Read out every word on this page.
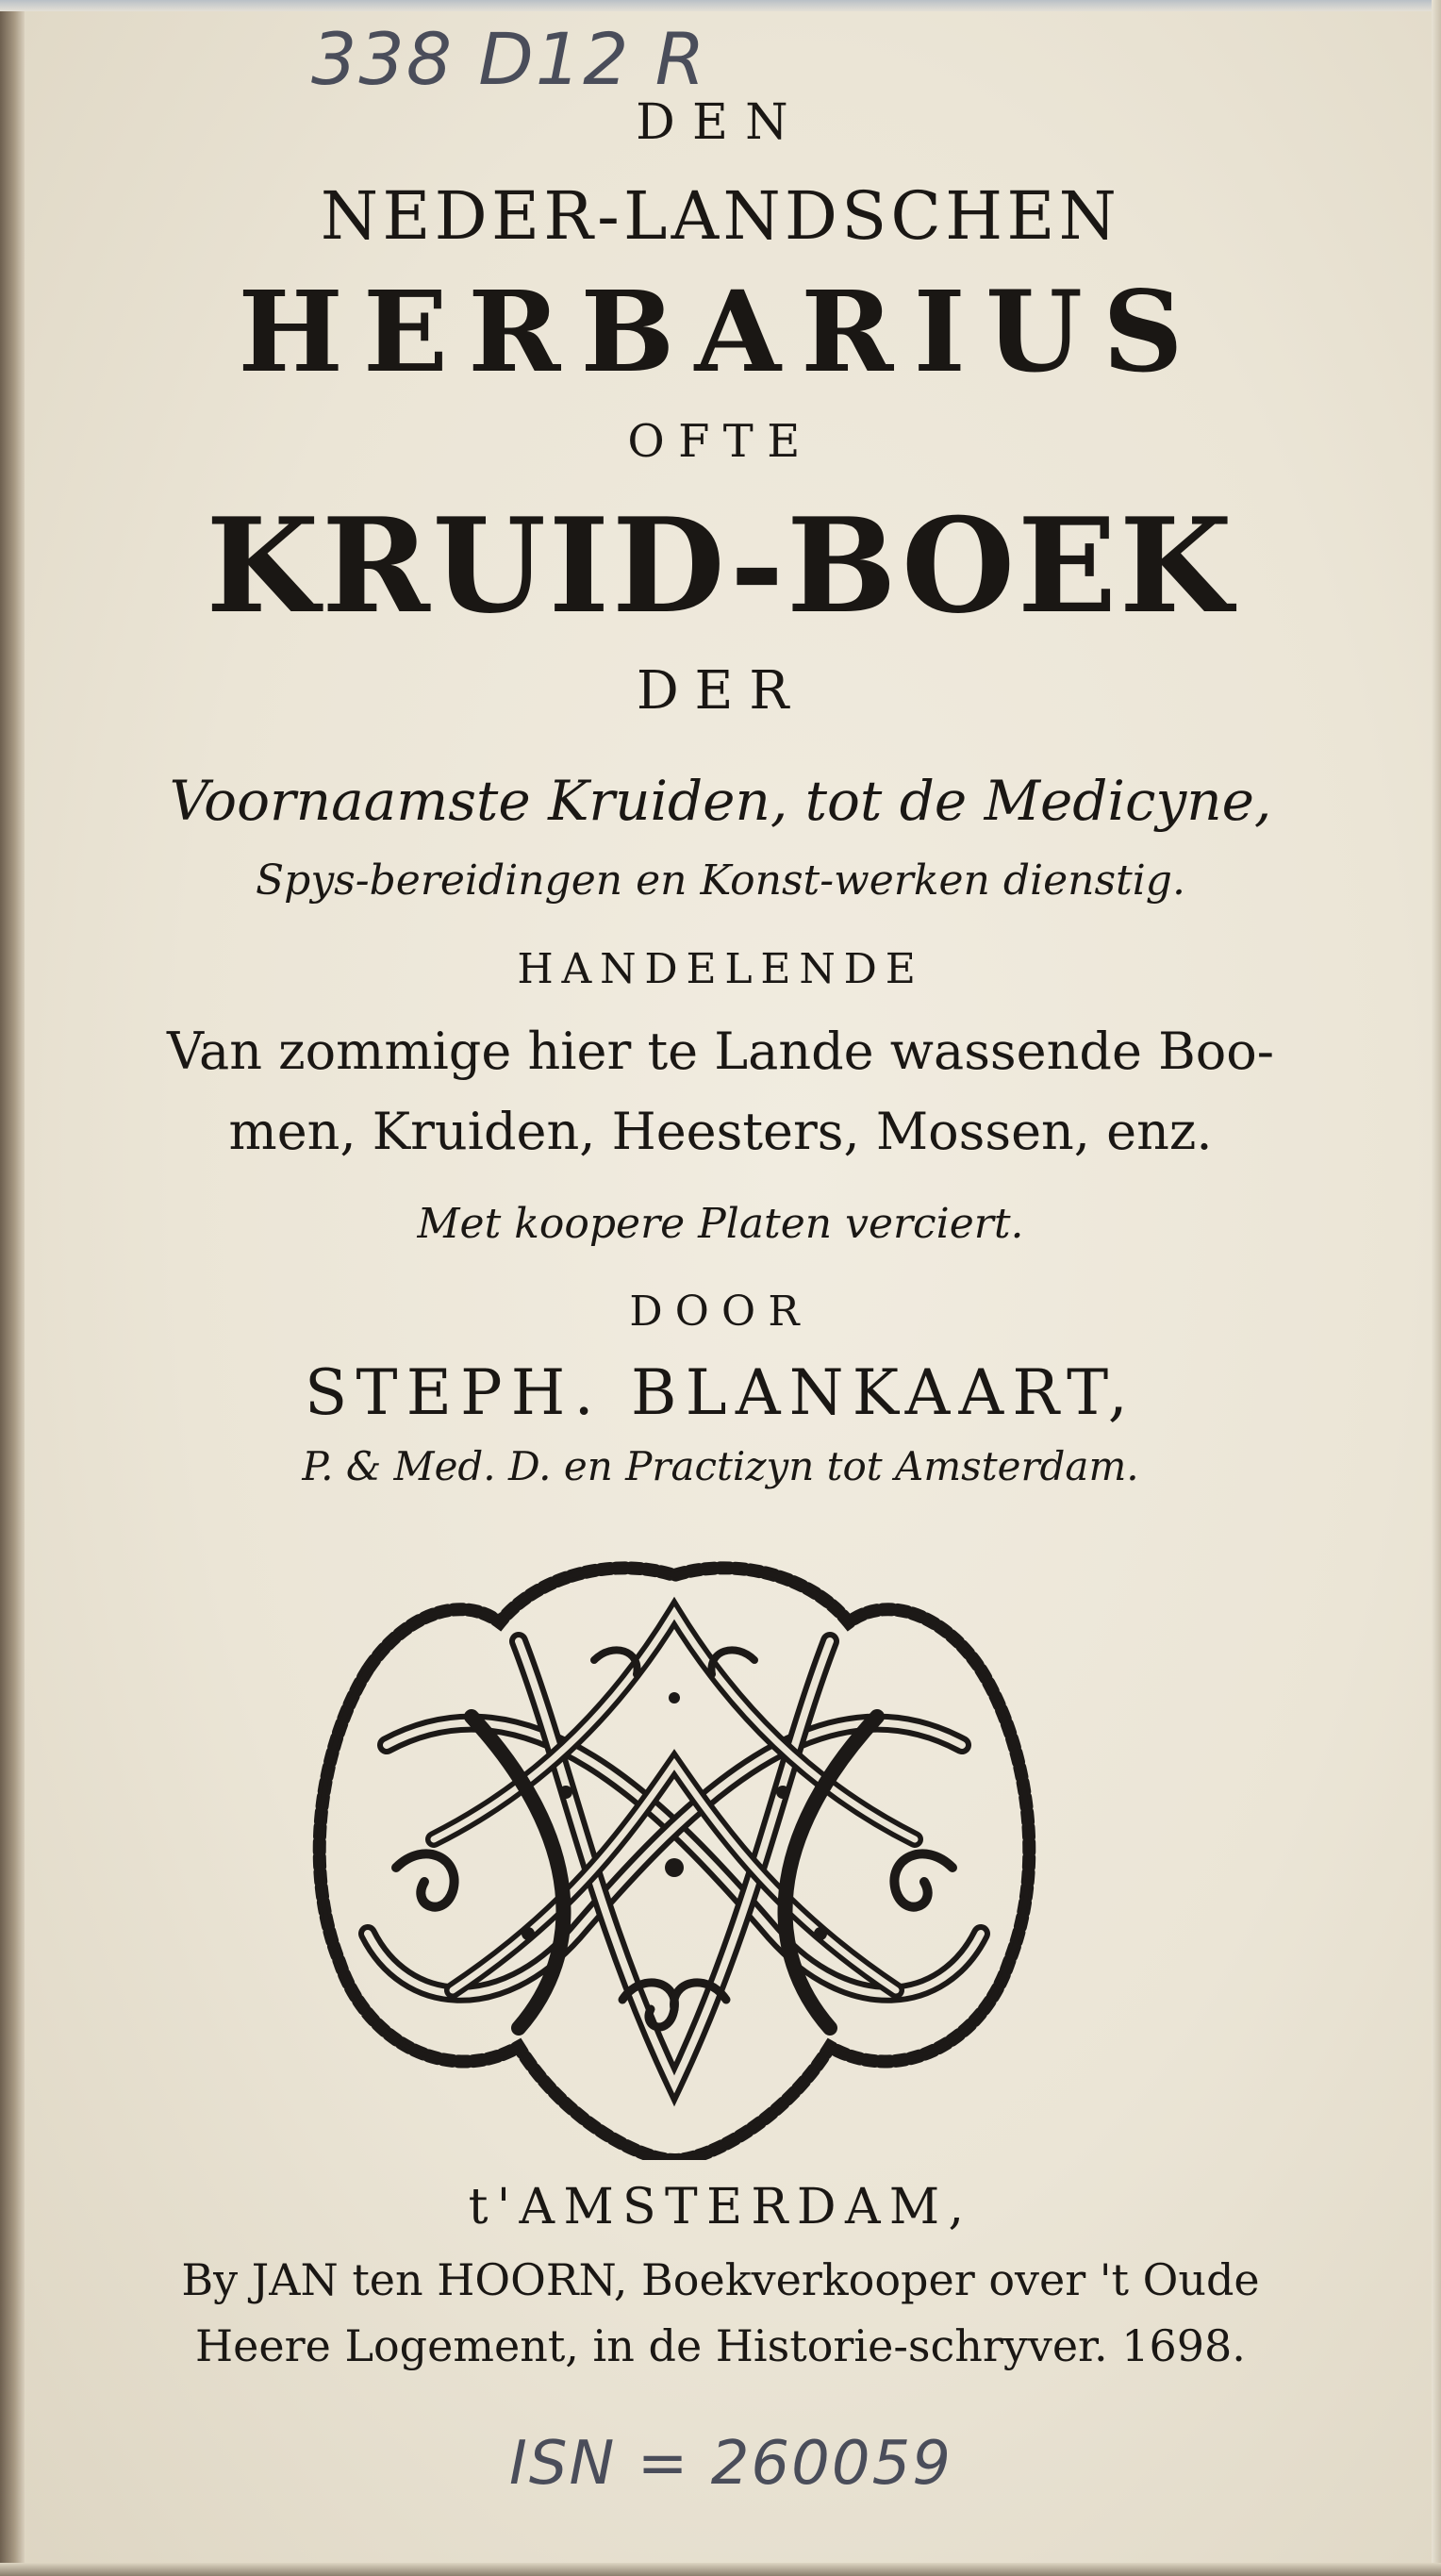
338 D12 R
DEN
NEDER-LANDSCHEN
HERBARIUS
OFTE
KRUID-BOEK
DER
Voornaamste Kruiden, tot de Medicyne,
Spys-bereidingen en Konst-werken dienstig.
HANDELENDE
Van zommige hier te Lande wassende Boo-
men, Kruiden, Heesters, Mossen, enz.
Met koopere Platen verciert.
DOOR
STEPH. BLANKAART,
P. & Med. D. en Practizyn tot Amsterdam.
t'AMSTERDAM,
By JAN ten HOORN, Boekverkooper over 't Oude
Heere Logement, in de Historie-schryver. 1698.
ISN = 260059
